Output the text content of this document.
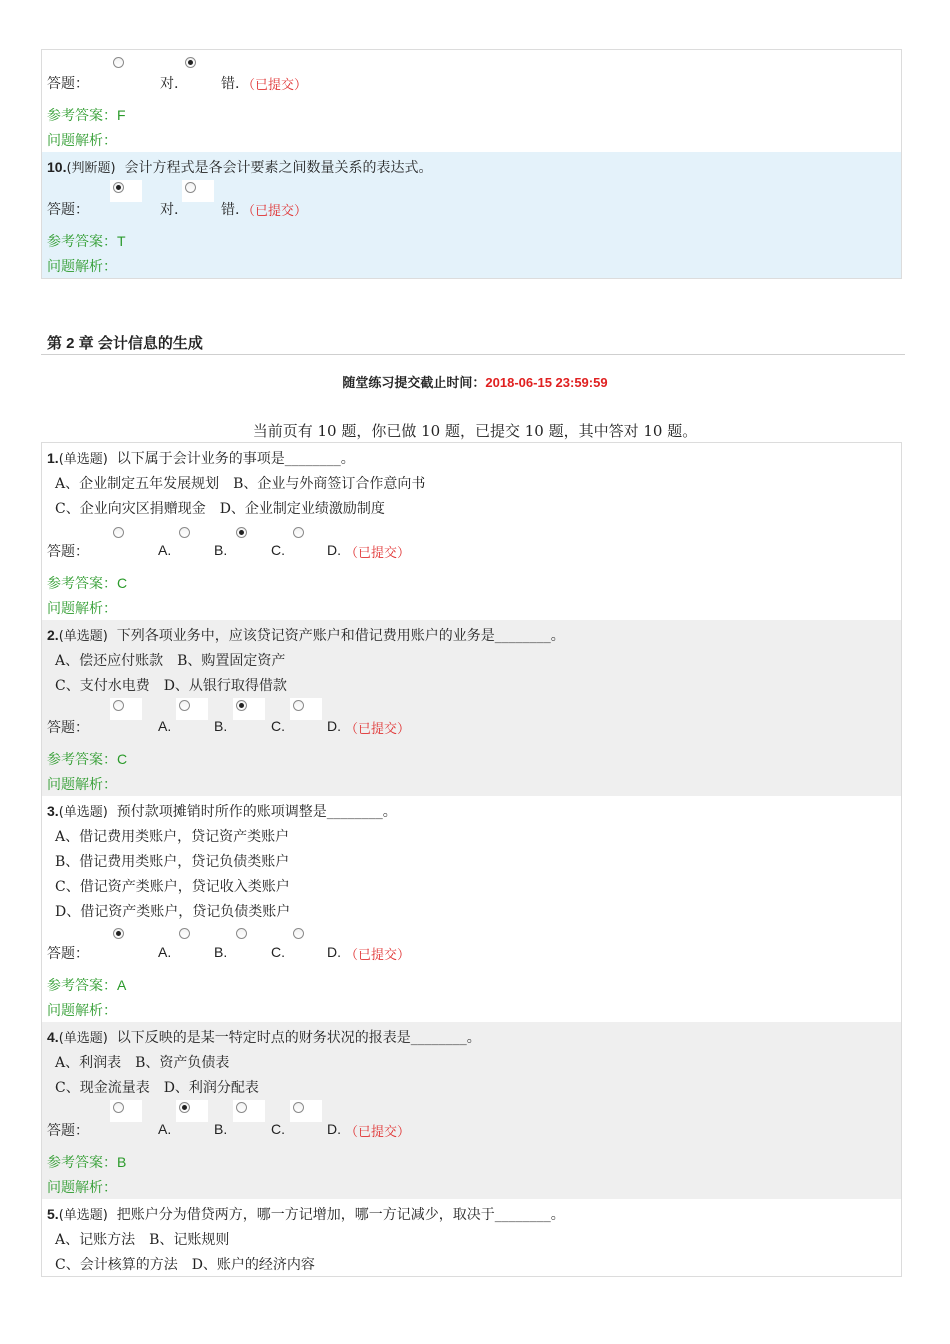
答题：	对.	错. （已提交）
参考答案：F
问题解析：
10.(判断题) 会计方程式是各会计要素之间数量关系的表达式。
答题：	对.	错. （已提交）
参考答案：T
问题解析：
第 2 章 会计信息的生成
随堂练习提交截止时间：2018-06-15 23:59:59
当前页有 10 题，你已做 10 题，已提交 10 题，其中答对 10 题。
1.(单选题) 以下属于会计业务的事项是________。
A、企业制定五年发展规划　B、企业与外商签订合作意向书
C、企业向灾区捐赠现金　D、企业制定业绩激励制度
答题：	A.	B.	C.	D. （已提交）
参考答案：C
问题解析：
2.(单选题) 下列各项业务中，应该贷记资产账户和借记费用账户的业务是________。
A、偿还应付账款　B、购置固定资产
C、支付水电费　D、从银行取得借款
答题：	A.	B.	C.	D. （已提交）
参考答案：C
问题解析：
3.(单选题) 预付款项摊销时所作的账项调整是________。
A、借记费用类账户，贷记资产类账户
B、借记费用类账户，贷记负债类账户
C、借记资产类账户，贷记收入类账户
D、借记资产类账户，贷记负债类账户
答题：	A.	B.	C.	D. （已提交）
参考答案：A
问题解析：
4.(单选题) 以下反映的是某一特定时点的财务状况的报表是________。
A、利润表　B、资产负债表
C、现金流量表　D、利润分配表
答题：	A.	B.	C.	D. （已提交）
参考答案：B
问题解析：
5.(单选题) 把账户分为借贷两方，哪一方记增加，哪一方记减少，取决于________。
A、记账方法　B、记账规则
C、会计核算的方法　D、账户的经济内容
